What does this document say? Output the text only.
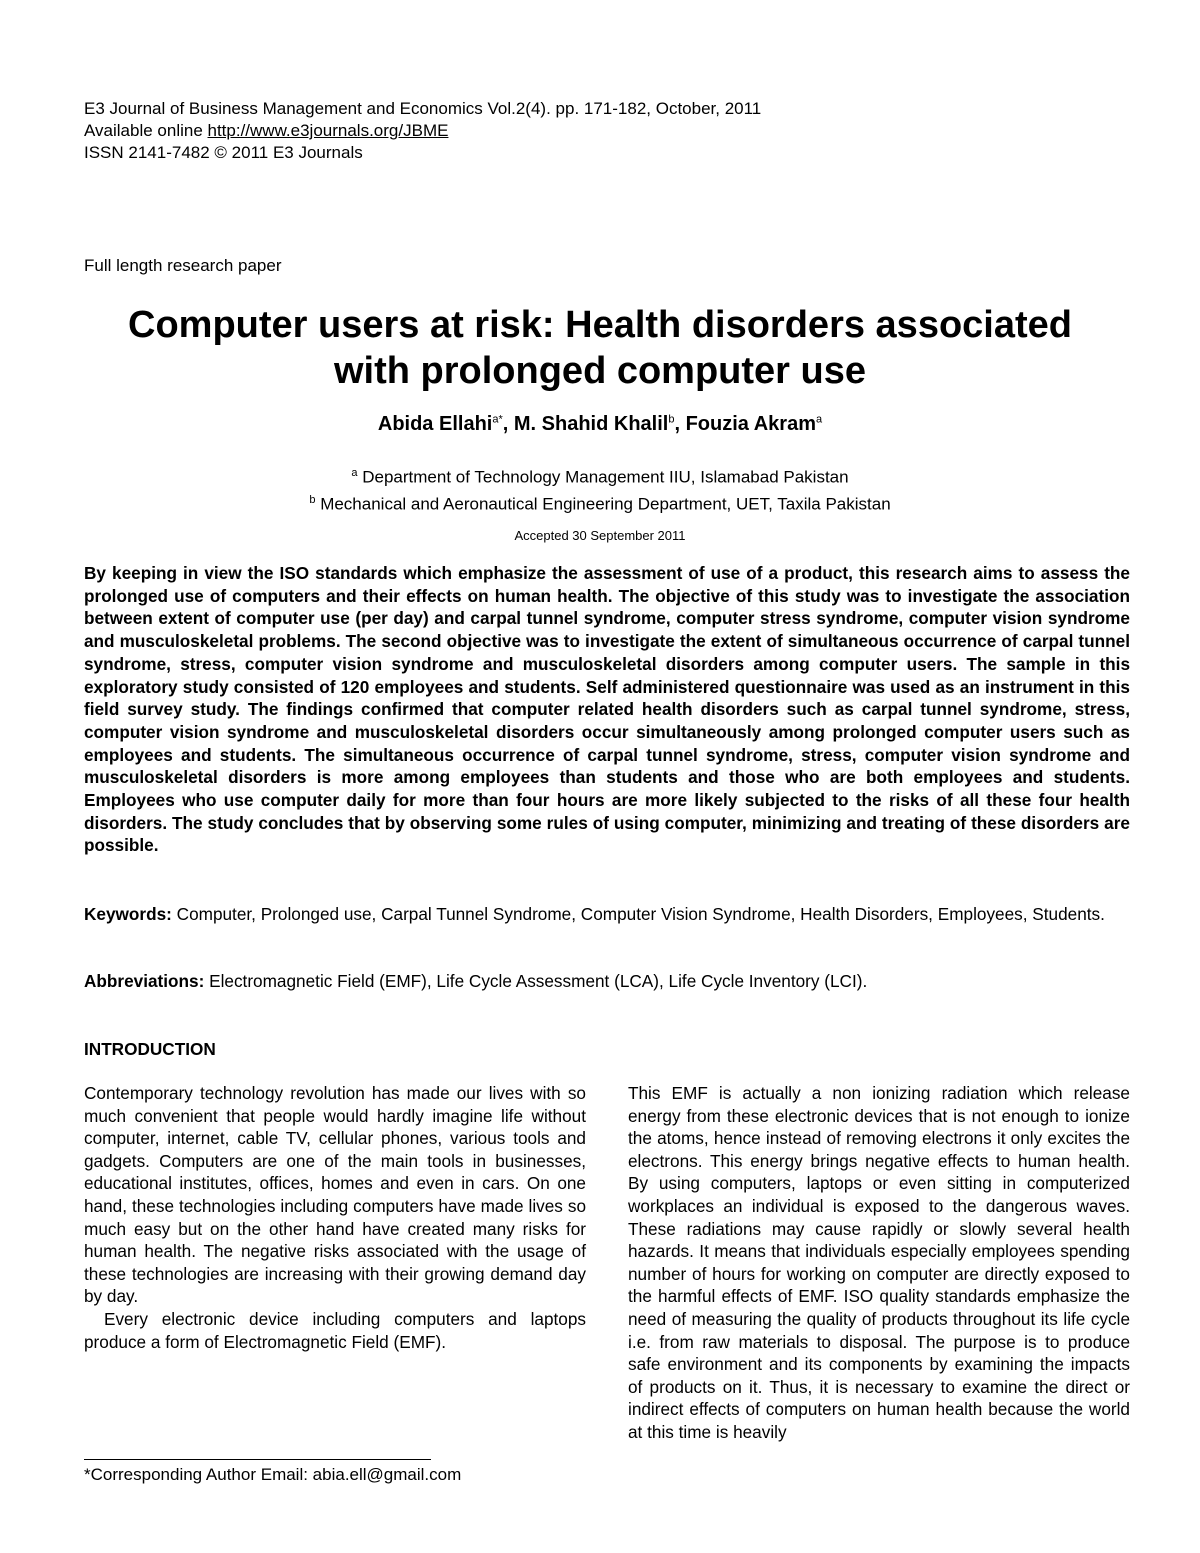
E3 Journal of Business Management and Economics Vol.2(4). pp. 171-182, October, 2011
Available online http://www.e3journals.org/JBME
ISSN 2141-7482 © 2011 E3 Journals
Full length research paper
Computer users at risk: Health disorders associated
with prolonged computer use
Abida Ellahi$^{a*}$, M. Shahid Khalil$^b$, Fouzia Akram$^a$
$^a$ Department of Technology Management IIU, Islamabad Pakistan
$^b$ Mechanical and Aeronautical Engineering Department, UET, Taxila Pakistan
Accepted 30 September 2011
By keeping in view the ISO standards which emphasize the assessment of use of a product, this research aims to assess the prolonged use of computers and their effects on human health. The objective of this study was to investigate the association between extent of computer use (per day) and carpal tunnel syndrome, computer stress syndrome, computer vision syndrome and musculoskeletal problems. The second objective was to investigate the extent of simultaneous occurrence of carpal tunnel syndrome, stress, computer vision syndrome and musculoskeletal disorders among computer users. The sample in this exploratory study consisted of 120 employees and students. Self administered questionnaire was used as an instrument in this field survey study. The findings confirmed that computer related health disorders such as carpal tunnel syndrome, stress, computer vision syndrome and musculoskeletal disorders occur simultaneously among prolonged computer users such as employees and students. The simultaneous occurrence of carpal tunnel syndrome, stress, computer vision syndrome and musculoskeletal disorders is more among employees than students and those who are both employees and students. Employees who use computer daily for more than four hours are more likely subjected to the risks of all these four health disorders. The study concludes that by observing some rules of using computer, minimizing and treating of these disorders are possible.
Keywords: Computer, Prolonged use, Carpal Tunnel Syndrome, Computer Vision Syndrome, Health Disorders, Employees, Students.
Abbreviations: Electromagnetic Field (EMF), Life Cycle Assessment (LCA), Life Cycle Inventory (LCI).
INTRODUCTION

Contemporary technology revolution has made our lives with so much convenient that people would hardly imagine life without computer, internet, cable TV, cellular phones, various tools and gadgets. Computers are one of the main tools in businesses, educational institutes, offices, homes and even in cars. On one hand, these technologies including computers have made lives so much easy but on the other hand have created many risks for human health. The negative risks associated with the usage of these technologies are increasing with their growing demand day by day.

Every electronic device including computers and laptops produce a form of Electromagnetic Field (EMF).

This EMF is actually a non ionizing radiation which release energy from these electronic devices that is not enough to ionize the atoms, hence instead of removing electrons it only excites the electrons. This energy brings negative effects to human health. By using computers, laptops or even sitting in computerized workplaces an individual is exposed to the dangerous waves. These radiations may cause rapidly or slowly several health hazards. It means that individuals especially employees spending number of hours for working on computer are directly exposed to the harmful effects of EMF. ISO quality standards emphasize the need of measuring the quality of products throughout its life cycle i.e. from raw materials to disposal. The purpose is to produce safe environment and its components by examining the impacts of products on it. Thus, it is necessary to examine the direct or indirect effects of computers on human health because the world at this time is heavily

*Corresponding Author Email: abia.ell@gmail.com
